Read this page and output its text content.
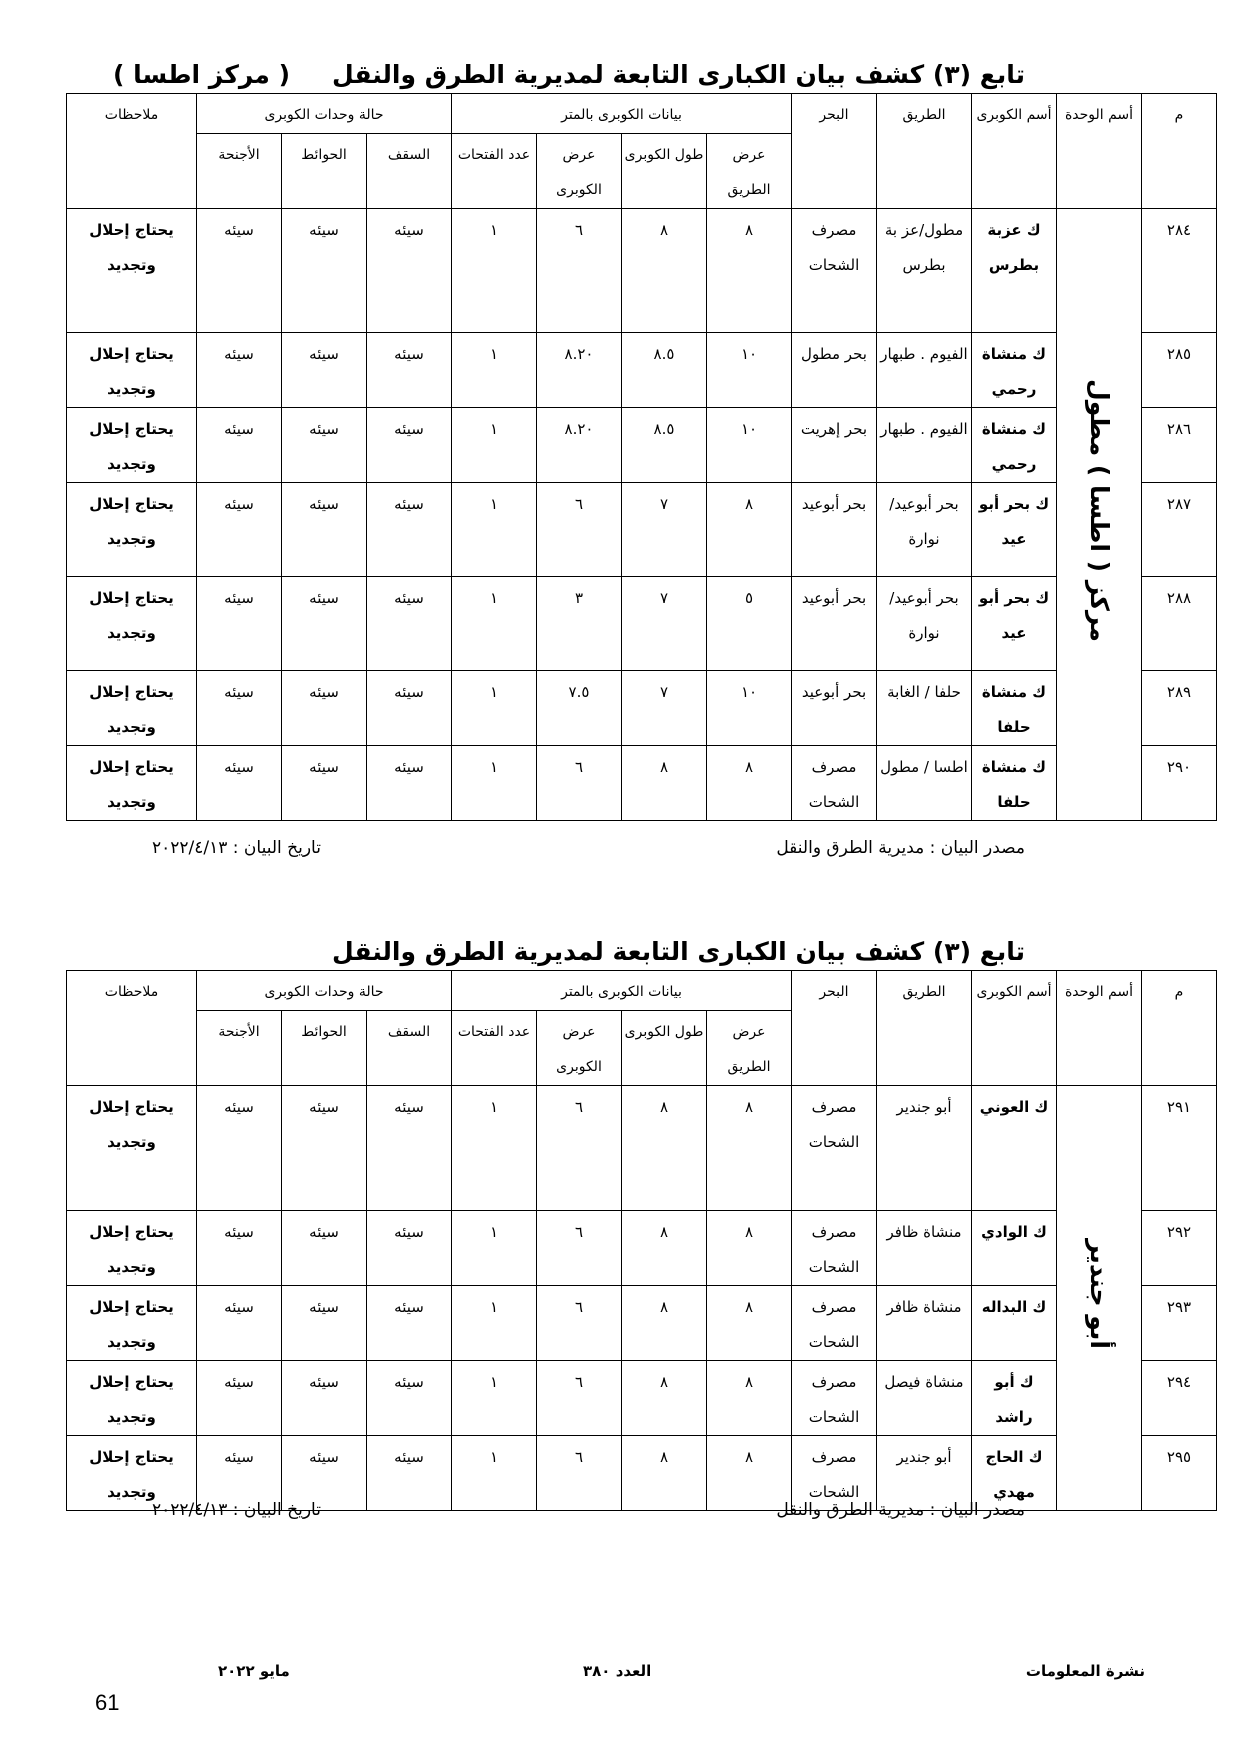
تابع (٣) كشف بيان الكبارى التابعة لمديرية الطرق والنقل( مركز اطسا )
م	أسم الوحدة	أسم الكوبرى	الطريق	البحر	بيانات الكوبرى بالمتر				حالة وحدات الكوبرى			ملاحظات
					عرض الطريق	طول الكوبرى	عرض الكوبرى	عدد الفتحات	السقف	الحوائط	الأجنحة	
٢٨٤	مركز ( اطسا ) مطول	ك عزبة بطرس	مطول/عز بة بطرس	مصرف الشحات	٨	٨	٦	١	سيئه	سيئه	سيئه	يحتاج إحلال وتجديد
٢٨٥		ك منشاة رحمي	الفيوم . طبهار	بحر مطول	١٠	٨.٥	٨.٢٠	١	سيئه	سيئه	سيئه	يحتاج إحلال وتجديد
٢٨٦		ك منشاة رحمي	الفيوم . طبهار	بحر إهريت	١٠	٨.٥	٨.٢٠	١	سيئه	سيئه	سيئه	يحتاج إحلال وتجديد
٢٨٧		ك بحر أبو عيد	بحر أبوعيد/ نوارة	بحر أبوعيد	٨	٧	٦	١	سيئه	سيئه	سيئه	يحتاج إحلال وتجديد
٢٨٨		ك بحر أبو عيد	بحر أبوعيد/ نوارة	بحر أبوعيد	٥	٧	٣	١	سيئه	سيئه	سيئه	يحتاج إحلال وتجديد
٢٨٩		ك منشاة حلفا	حلفا / الغابة	بحر أبوعيد	١٠	٧	٧.٥	١	سيئه	سيئه	سيئه	يحتاج إحلال وتجديد
٢٩٠		ك منشاة حلفا	اطسا / مطول	مصرف الشحات	٨	٨	٦	١	سيئه	سيئه	سيئه	يحتاج إحلال وتجديد
مصدر البيان : مديرية الطرق والنقل
تاريخ البيان : ٢٠٢٢/٤/١٣
تابع (٣) كشف بيان الكبارى التابعة لمديرية الطرق والنقل
م	أسم الوحدة	أسم الكوبرى	الطريق	البحر	بيانات الكوبرى بالمتر				حالة وحدات الكوبرى			ملاحظات
					عرض الطريق	طول الكوبرى	عرض الكوبرى	عدد الفتحات	السقف	الحوائط	الأجنحة	
٢٩١	أبو جندير	ك العوني	أبو جندير	مصرف الشحات	٨	٨	٦	١	سيئه	سيئه	سيئه	يحتاج إحلال وتجديد
٢٩٢		ك الوادي	منشاة ظافر	مصرف الشحات	٨	٨	٦	١	سيئه	سيئه	سيئه	يحتاج إحلال وتجديد
٢٩٣		ك البداله	منشاة ظافر	مصرف الشحات	٨	٨	٦	١	سيئه	سيئه	سيئه	يحتاج إحلال وتجديد
٢٩٤		ك أبو راشد	منشاة فيصل	مصرف الشحات	٨	٨	٦	١	سيئه	سيئه	سيئه	يحتاج إحلال وتجديد
٢٩٥		ك الحاج مهدي	أبو جندير	مصرف الشحات	٨	٨	٦	١	سيئه	سيئه	سيئه	يحتاج إحلال وتجديد
مصدر البيان : مديرية الطرق والنقل
تاريخ البيان : ٢٠٢٢/٤/١٣
نشرة المعلومات
العدد ٣٨٠
مايو ٢٠٢٢
61
